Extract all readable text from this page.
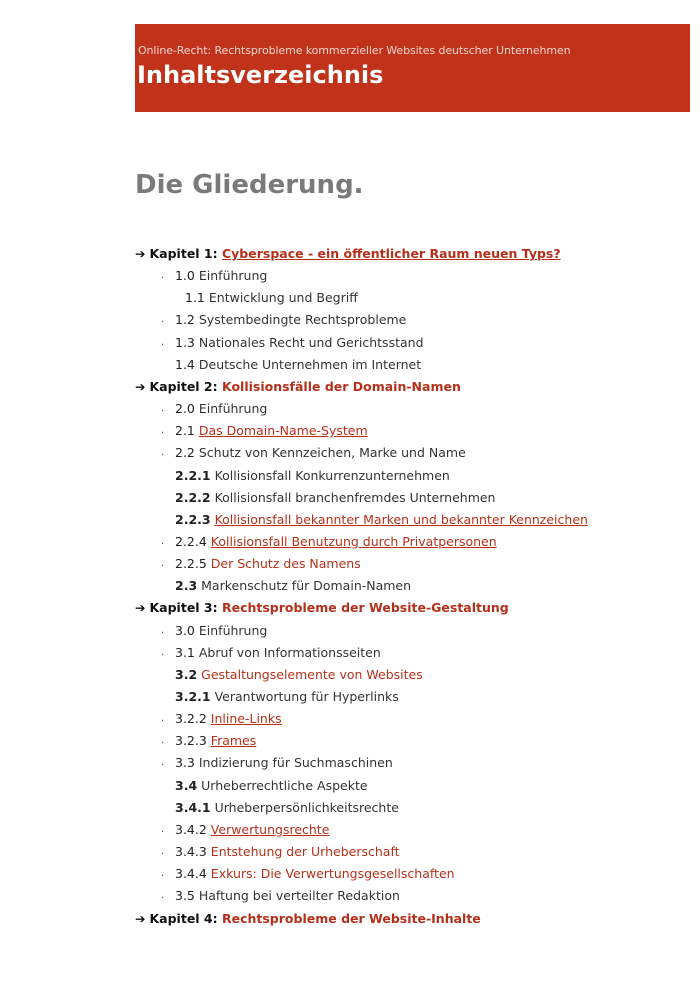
Online-Recht: Rechtsprobleme kommerzieller Websites deutscher Unternehmen
Inhaltsverzeichnis
Die Gliederung.
➔ Kapitel 1: Cyberspace - ein öffentlicher Raum neuen Typs?
. 1.0 Einführung
1.1 Entwicklung und Begriff
. 1.2 Systembedingte Rechtsprobleme
. 1.3 Nationales Recht und Gerichtsstand
1.4 Deutsche Unternehmen im Internet
➔ Kapitel 2: Kollisionsfälle der Domain-Namen
. 2.0 Einführung
. 2.1 Das Domain-Name-System
. 2.2 Schutz von Kennzeichen, Marke und Name
2.2.1 Kollisionsfall Konkurrenzunternehmen
2.2.2 Kollisionsfall branchenfremdes Unternehmen
2.2.3 Kollisionsfall bekannter Marken und bekannter Kennzeichen
. 2.2.4 Kollisionsfall Benutzung durch Privatpersonen
. 2.2.5 Der Schutz des Namens
2.3 Markenschutz für Domain-Namen
➔ Kapitel 3: Rechtsprobleme der Website-Gestaltung
. 3.0 Einführung
. 3.1 Abruf von Informationsseiten
3.2 Gestaltungselemente von Websites
3.2.1 Verantwortung für Hyperlinks
. 3.2.2 Inline-Links
. 3.2.3 Frames
. 3.3 Indizierung für Suchmaschinen
3.4 Urheberrechtliche Aspekte
3.4.1 Urheberpersönlichkeitsrechte
. 3.4.2 Verwertungsrechte
. 3.4.3 Entstehung der Urheberschaft
. 3.4.4 Exkurs: Die Verwertungsgesellschaften
. 3.5 Haftung bei verteilter Redaktion
➔ Kapitel 4: Rechtsprobleme der Website-Inhalte
